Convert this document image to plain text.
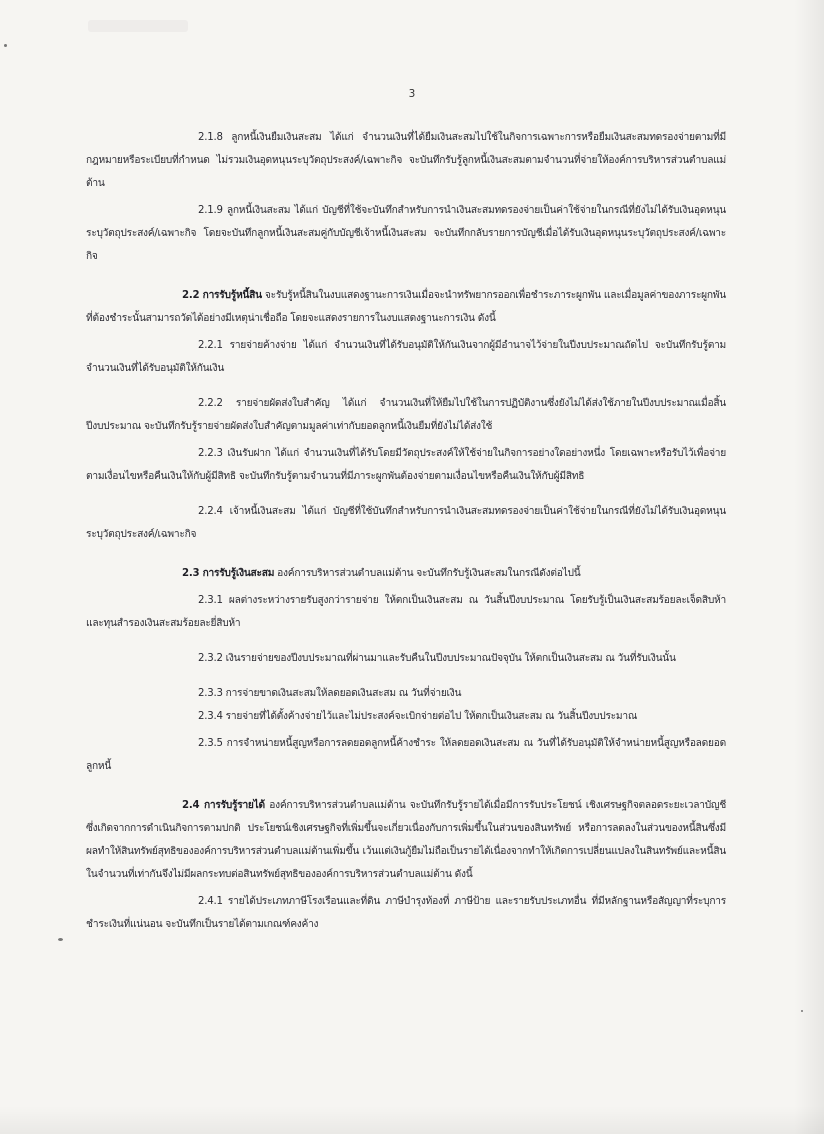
3

2.1.8 ลูกหนี้เงินยืมเงินสะสม ได้แก่ จำนวนเงินที่ได้ยืมเงินสะสมไปใช้ในกิจการเฉพาะการหรือยืมเงินสะสมทดรองจ่ายตามที่มีกฎหมายหรือระเบียบที่กำหนด ไม่รวมเงินอุดหนุนระบุวัตถุประสงค์/เฉพาะกิจ จะบันทึกรับรู้ลูกหนี้เงินสะสมตามจำนวนที่จ่ายให้องค์การบริหารส่วนตำบลแม่ต้าน

2.1.9 ลูกหนี้เงินสะสม ได้แก่ บัญชีที่ใช้จะบันทึกสำหรับการนำเงินสะสมทดรองจ่ายเป็นค่าใช้จ่ายในกรณีที่ยังไม่ได้รับเงินอุดหนุนระบุวัตถุประสงค์/เฉพาะกิจ โดยจะบันทึกลูกหนี้เงินสะสมคู่กับบัญชีเจ้าหนี้เงินสะสม จะบันทึกกลับรายการบัญชีเมื่อได้รับเงินอุดหนุนระบุวัตถุประสงค์/เฉพาะกิจ

2.2 การรับรู้หนี้สิน จะรับรู้หนี้สินในงบแสดงฐานะการเงินเมื่อจะนำทรัพยากรออกเพื่อชำระภาระผูกพัน และเมื่อมูลค่าของภาระผูกพันที่ต้องชำระนั้นสามารถวัดได้อย่างมีเหตุน่าเชื่อถือ โดยจะแสดงรายการในงบแสดงฐานะการเงิน ดังนี้

2.2.1 รายจ่ายค้างจ่าย ได้แก่ จำนวนเงินที่ได้รับอนุมัติให้กันเงินจากผู้มีอำนาจไว้จ่ายในปีงบประมาณถัดไป จะบันทึกรับรู้ตามจำนวนเงินที่ได้รับอนุมัติให้กันเงิน

2.2.2 รายจ่ายผัดส่งใบสำคัญ ได้แก่ จำนวนเงินที่ให้ยืมไปใช้ในการปฏิบัติงานซึ่งยังไม่ได้ส่งใช้ภายในปีงบประมาณเมื่อสิ้นปีงบประมาณ จะบันทึกรับรู้รายจ่ายผัดส่งใบสำคัญตามมูลค่าเท่ากับยอดลูกหนี้เงินยืมที่ยังไม่ได้ส่งใช้

2.2.3 เงินรับฝาก ได้แก่ จำนวนเงินที่ได้รับโดยมีวัตถุประสงค์ให้ใช้จ่ายในกิจการอย่างใดอย่างหนึ่ง โดยเฉพาะหรือรับไว้เพื่อจ่ายตามเงื่อนไขหรือคืนเงินให้กับผู้มีสิทธิ จะบันทึกรับรู้ตามจำนวนที่มีภาระผูกพันต้องจ่ายตามเงื่อนไขหรือคืนเงินให้กับผู้มีสิทธิ

2.2.4 เจ้าหนี้เงินสะสม ได้แก่ บัญชีที่ใช้บันทึกสำหรับการนำเงินสะสมทดรองจ่ายเป็นค่าใช้จ่ายในกรณีที่ยังไม่ได้รับเงินอุดหนุนระบุวัตถุประสงค์/เฉพาะกิจ

2.3 การรับรู้เงินสะสม องค์การบริหารส่วนตำบลแม่ต้าน จะบันทึกรับรู้เงินสะสมในกรณีดังต่อไปนี้

2.3.1 ผลต่างระหว่างรายรับสูงกว่ารายจ่าย ให้ตกเป็นเงินสะสม ณ วันสิ้นปีงบประมาณ โดยรับรู้เป็นเงินสะสมร้อยละเจ็ดสิบห้า และทุนสำรองเงินสะสมร้อยละยี่สิบห้า

2.3.2 เงินรายจ่ายของปีงบประมาณที่ผ่านมาและรับคืนในปีงบประมาณปัจจุบัน ให้ตกเป็นเงินสะสม ณ วันที่รับเงินนั้น

2.3.3 การจ่ายขาดเงินสะสมให้ลดยอดเงินสะสม ณ วันที่จ่ายเงิน

2.3.4 รายจ่ายที่ได้ตั้งค้างจ่ายไว้และไม่ประสงค์จะเบิกจ่ายต่อไป ให้ตกเป็นเงินสะสม ณ วันสิ้นปีงบประมาณ

2.3.5 การจำหน่ายหนี้สูญหรือการลดยอดลูกหนี้ค้างชำระ ให้ลดยอดเงินสะสม ณ วันที่ได้รับอนุมัติให้จำหน่ายหนี้สูญหรือลดยอดลูกหนี้

2.4 การรับรู้รายได้ องค์การบริหารส่วนตำบลแม่ต้าน จะบันทึกรับรู้รายได้เมื่อมีการรับประโยชน์ เชิงเศรษฐกิจตลอดระยะเวลาบัญชีซึ่งเกิดจากการดำเนินกิจการตามปกติ ประโยชน์เชิงเศรษฐกิจที่เพิ่มขึ้นจะเกี่ยวเนื่องกับการเพิ่มขึ้นในส่วนของสินทรัพย์ หรือการลดลงในส่วนของหนี้สินซึ่งมีผลทำให้สินทรัพย์สุทธิขององค์การบริหารส่วนตำบลแม่ต้านเพิ่มขึ้น เว้นแต่เงินกู้ยืมไม่ถือเป็นรายได้เนื่องจากทำให้เกิดการเปลี่ยนแปลงในสินทรัพย์และหนี้สินในจำนวนที่เท่ากันจึงไม่มีผลกระทบต่อสินทรัพย์สุทธิขององค์การบริหารส่วนตำบลแม่ต้าน ดังนี้

2.4.1 รายได้ประเภทภาษีโรงเรือนและที่ดิน ภาษีบำรุงท้องที่ ภาษีป้าย และรายรับประเภทอื่น ที่มีหลักฐานหรือสัญญาที่ระบุการชำระเงินที่แน่นอน จะบันทึกเป็นรายได้ตามเกณฑ์คงค้าง
